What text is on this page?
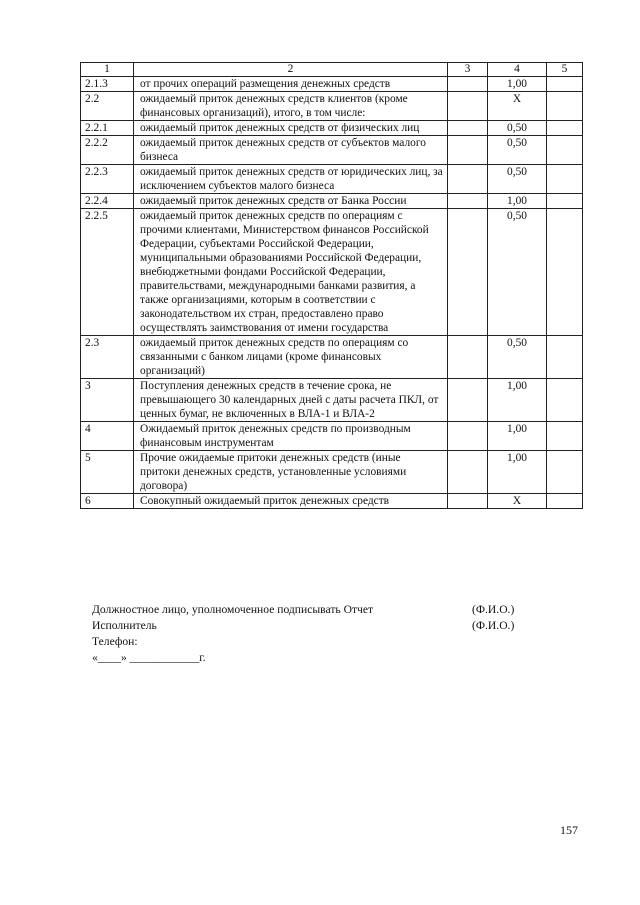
1	2	3	4	5
2.1.3	от прочих операций размещения денежных средств		1,00	
2.2	ожидаемый приток денежных средств клиентов (кроме финансовых организаций), итого, в том числе:		Х	
2.2.1	ожидаемый приток денежных средств от физических лиц		0,50	
2.2.2	ожидаемый приток денежных средств от субъектов малого бизнеса		0,50	
2.2.3	ожидаемый приток денежных средств от юридических лиц, за исключением субъектов малого бизнеса		0,50	
2.2.4	ожидаемый приток денежных средств от Банка России		1,00	
2.2.5	ожидаемый приток денежных средств по операциям с прочими клиентами, Министерством финансов Российской Федерации, субъектами Российской Федерации, муниципальными образованиями Российской Федерации, внебюджетными фондами Российской Федерации, правительствами, международными банками развития, а также организациями, которым в соответствии с законодательством их стран, предоставлено право осуществлять заимствования от имени государства		0,50	
2.3	ожидаемый приток денежных средств по операциям со связанными с банком лицами (кроме финансовых организаций)		0,50	
3	Поступления денежных средств в течение срока, не превышающего 30 календарных дней с даты расчета ПКЛ, от ценных бумаг, не включенных в ВЛА-1 и ВЛА-2		1,00	
4	Ожидаемый приток денежных средств по производным финансовым инструментам		1,00	
5	Прочие ожидаемые притоки денежных средств (иные притоки денежных средств, установленные условиями договора)		1,00	
6	Совокупный ожидаемый приток денежных средств		Х	
Должностное лицо, уполномоченное подписывать Отчет	(Ф.И.О.)
Исполнитель	(Ф.И.О.)
Телефон:
«____» ____________г.
157
